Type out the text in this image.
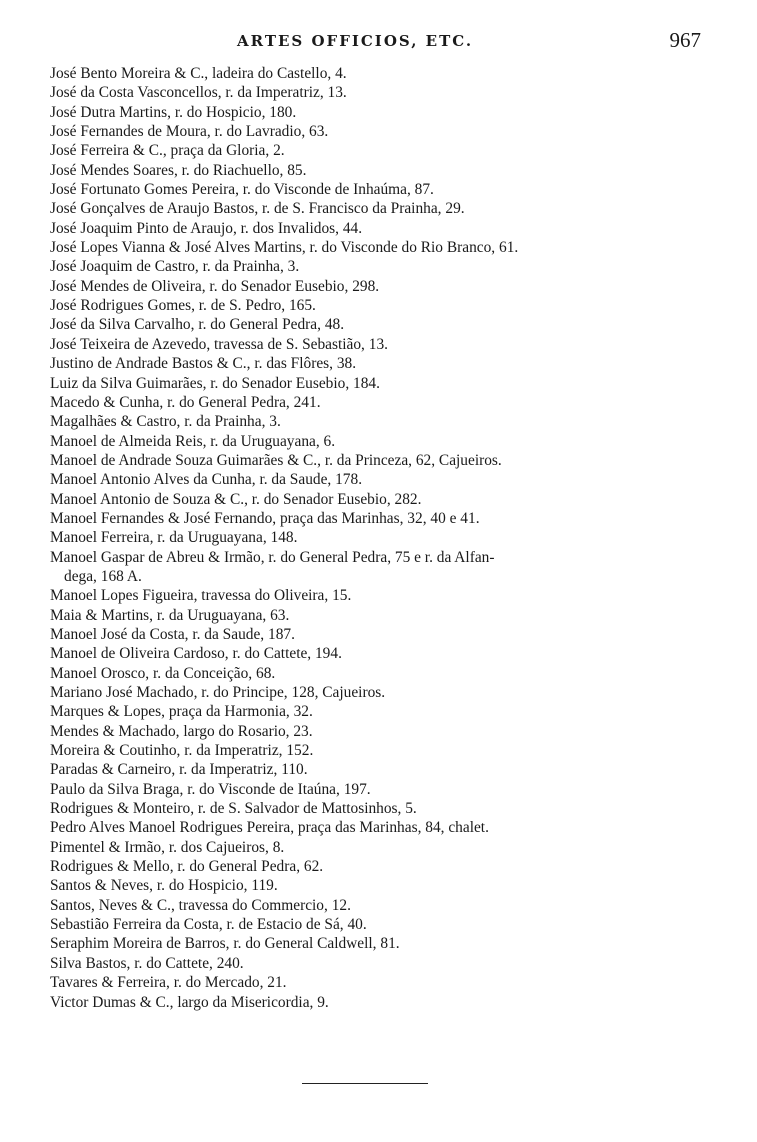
ARTES OFFICIOS, ETC.	967
José Bento Moreira & C., ladeira do Castello, 4.
José da Costa Vasconcellos, r. da Imperatriz, 13.
José Dutra Martins, r. do Hospicio, 180.
José Fernandes de Moura, r. do Lavradio, 63.
José Ferreira & C., praça da Gloria, 2.
José Mendes Soares, r. do Riachuello, 85.
José Fortunato Gomes Pereira, r. do Visconde de Inhaúma, 87.
José Gonçalves de Araujo Bastos, r. de S. Francisco da Prainha, 29.
José Joaquim Pinto de Araujo, r. dos Invalidos, 44.
José Lopes Vianna & José Alves Martins, r. do Visconde do Rio Branco, 61.
José Joaquim de Castro, r. da Prainha, 3.
José Mendes de Oliveira, r. do Senador Eusebio, 298.
José Rodrigues Gomes, r. de S. Pedro, 165.
José da Silva Carvalho, r. do General Pedra, 48.
José Teixeira de Azevedo, travessa de S. Sebastião, 13.
Justino de Andrade Bastos & C., r. das Flôres, 38.
Luiz da Silva Guimarães, r. do Senador Eusebio, 184.
Macedo & Cunha, r. do General Pedra, 241.
Magalhães & Castro, r. da Prainha, 3.
Manoel de Almeida Reis, r. da Uruguayana, 6.
Manoel de Andrade Souza Guimarães & C., r. da Princeza, 62, Cajueiros.
Manoel Antonio Alves da Cunha, r. da Saude, 178.
Manoel Antonio de Souza & C., r. do Senador Eusebio, 282.
Manoel Fernandes & José Fernando, praça das Marinhas, 32, 40 e 41.
Manoel Ferreira, r. da Uruguayana, 148.
Manoel Gaspar de Abreu & Irmão, r. do General Pedra, 75 e r. da Alfan-
dega, 168 A.
Manoel Lopes Figueira, travessa do Oliveira, 15.
Maia & Martins, r. da Uruguayana, 63.
Manoel José da Costa, r. da Saude, 187.
Manoel de Oliveira Cardoso, r. do Cattete, 194.
Manoel Orosco, r. da Conceição, 68.
Mariano José Machado, r. do Principe, 128, Cajueiros.
Marques & Lopes, praça da Harmonia, 32.
Mendes & Machado, largo do Rosario, 23.
Moreira & Coutinho, r. da Imperatriz, 152.
Paradas & Carneiro, r. da Imperatriz, 110.
Paulo da Silva Braga, r. do Visconde de Itaúna, 197.
Rodrigues & Monteiro, r. de S. Salvador de Mattosinhos, 5.
Pedro Alves Manoel Rodrigues Pereira, praça das Marinhas, 84, chalet.
Pimentel & Irmão, r. dos Cajueiros, 8.
Rodrigues & Mello, r. do General Pedra, 62.
Santos & Neves, r. do Hospicio, 119.
Santos, Neves & C., travessa do Commercio, 12.
Sebastião Ferreira da Costa, r. de Estacio de Sá, 40.
Seraphim Moreira de Barros, r. do General Caldwell, 81.
Silva Bastos, r. do Cattete, 240.
Tavares & Ferreira, r. do Mercado, 21.
Victor Dumas & C., largo da Misericordia, 9.
